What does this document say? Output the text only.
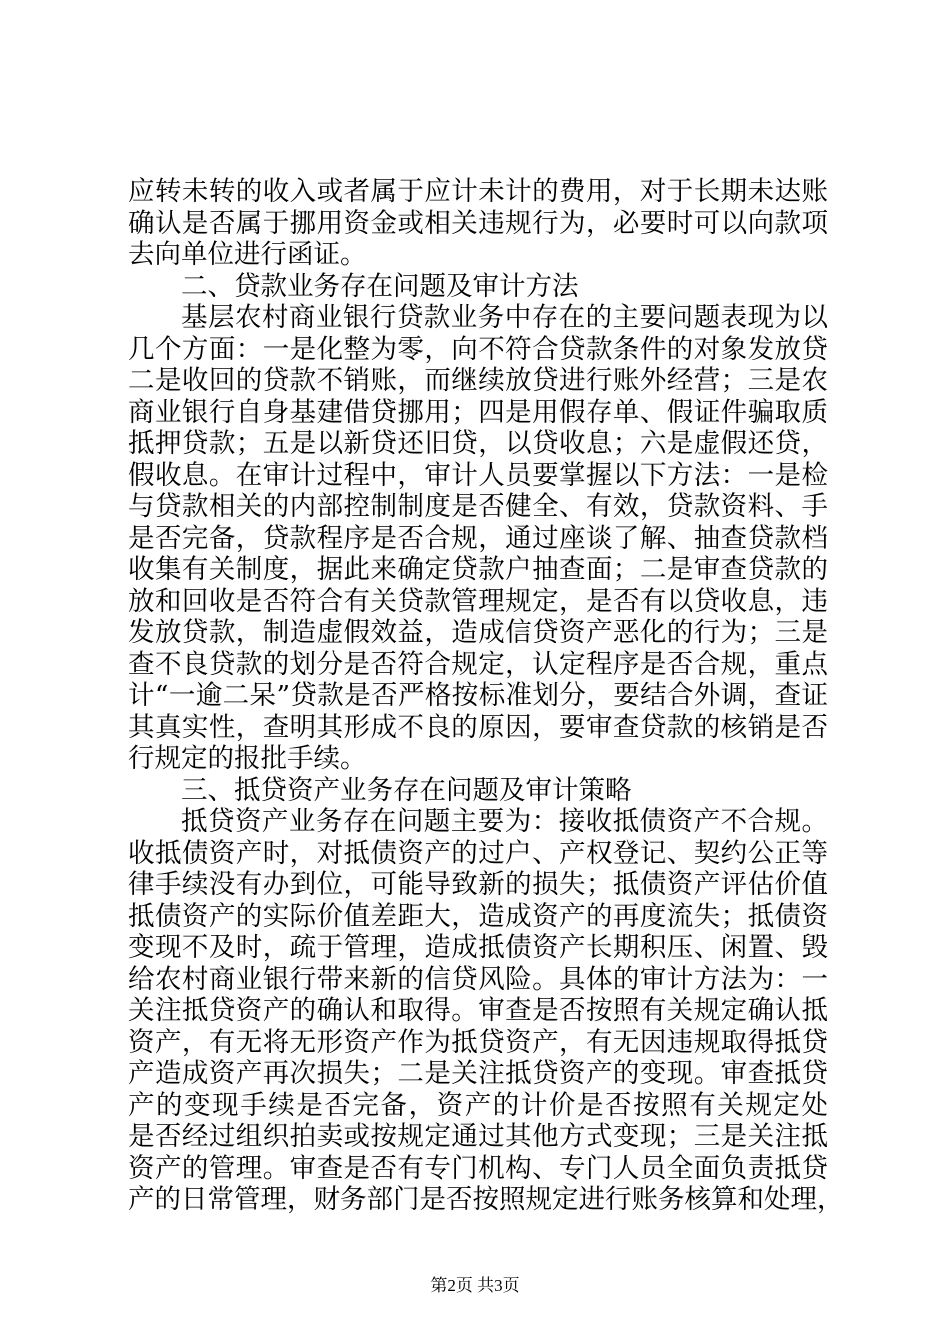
应转未转的收入或者属于应计未计的费用，对于长期未达账
确认是否属于挪用资金或相关违规行为，必要时可以向款项
去向单位进行函证。
二、贷款业务存在问题及审计方法
基层农村商业银行贷款业务中存在的主要问题表现为以
几个方面：一是化整为零，向不符合贷款条件的对象发放贷
二是收回的贷款不销账，而继续放贷进行账外经营；三是农
商业银行自身基建借贷挪用；四是用假存单、假证件骗取质
抵押贷款；五是以新贷还旧贷，以贷收息；六是虚假还贷，
假收息。在审计过程中，审计人员要掌握以下方法：一是检
与贷款相关的内部控制制度是否健全、有效，贷款资料、手
是否完备，贷款程序是否合规，通过座谈了解、抽查贷款档
收集有关制度，据此来确定贷款户抽查面；二是审查贷款的
放和回收是否符合有关贷款管理规定，是否有以贷收息，违
发放贷款，制造虚假效益，造成信贷资产恶化的行为；三是
查不良贷款的划分是否符合规定，认定程序是否合规，重点
计“一逾二呆”贷款是否严格按标准划分，要结合外调，查证
其真实性，查明其形成不良的原因，要审查贷款的核销是否
行规定的报批手续。
三、抵贷资产业务存在问题及审计策略
抵贷资产业务存在问题主要为：接收抵债资产不合规。
收抵债资产时，对抵债资产的过户、产权登记、契约公正等
律手续没有办到位，可能导致新的损失；抵债资产评估价值
抵债资产的实际价值差距大，造成资产的再度流失；抵债资
变现不及时，疏于管理，造成抵债资产长期积压、闲置、毁
给农村商业银行带来新的信贷风险。具体的审计方法为：一
关注抵贷资产的确认和取得。审查是否按照有关规定确认抵
资产，有无将无形资产作为抵贷资产，有无因违规取得抵贷
产造成资产再次损失；二是关注抵贷资产的变现。审查抵贷
产的变现手续是否完备，资产的计价是否按照有关规定处
是否经过组织拍卖或按规定通过其他方式变现；三是关注抵
资产的管理。审查是否有专门机构、专门人员全面负责抵贷
产的日常管理，财务部门是否按照规定进行账务核算和处理，
第2页 共3页
